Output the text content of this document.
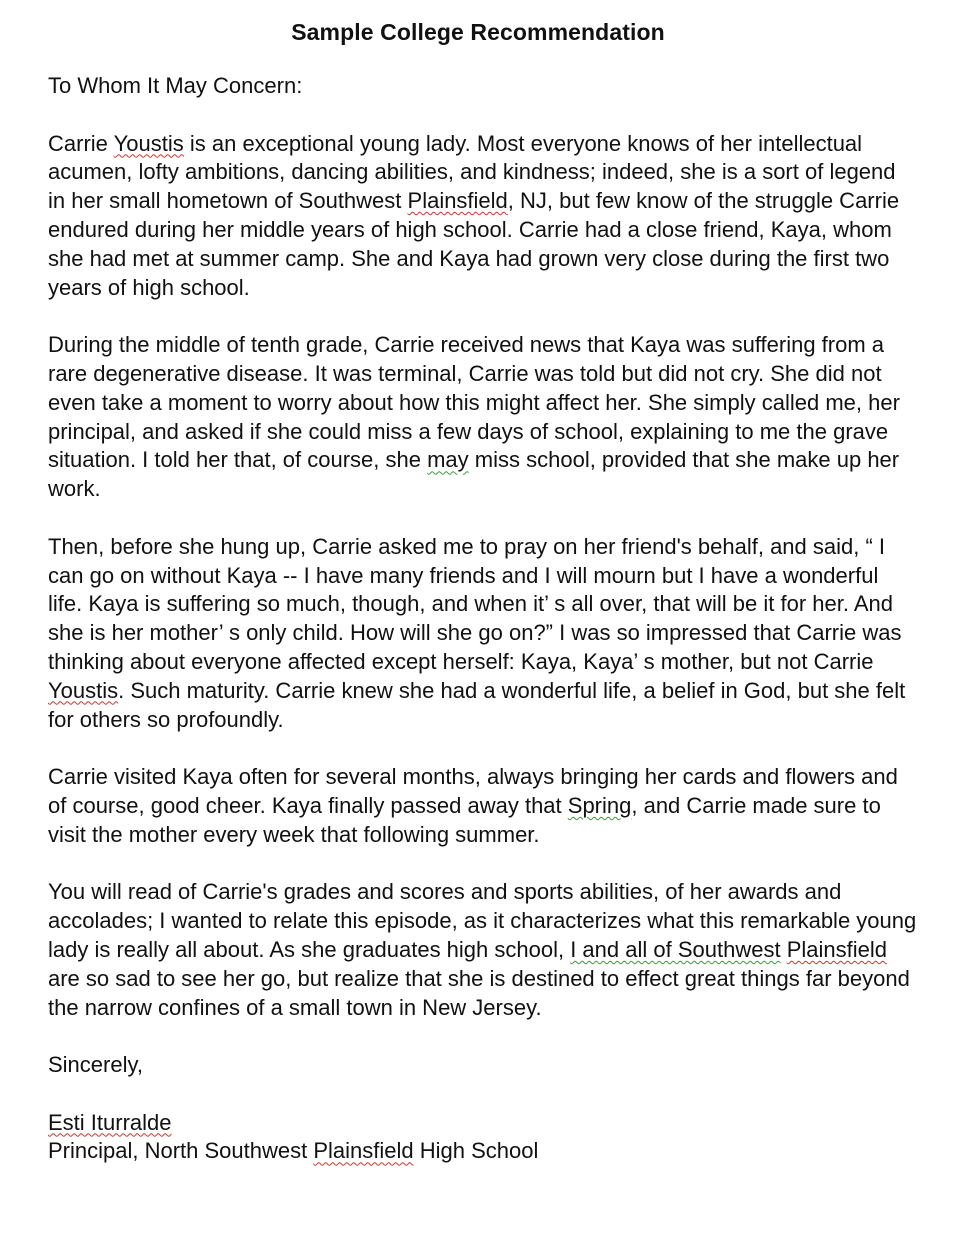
Sample College Recommendation

To Whom It May Concern:

Carrie Youstis is an exceptional young lady. Most everyone knows of her intellectual acumen, lofty ambitions, dancing abilities, and kindness; indeed, she is a sort of legend in her small hometown of Southwest Plainsfield, NJ, but few know of the struggle Carrie endured during her middle years of high school. Carrie had a close friend, Kaya, whom she had met at summer camp. She and Kaya had grown very close during the first two years of high school.

During the middle of tenth grade, Carrie received news that Kaya was suffering from a rare degenerative disease. It was terminal, Carrie was told but did not cry. She did not even take a moment to worry about how this might affect her. She simply called me, her principal, and asked if she could miss a few days of school, explaining to me the grave situation. I told her that, of course, she may miss school, provided that she make up her work.

Then, before she hung up, Carrie asked me to pray on her friend's behalf, and said, “ I can go on without Kaya -- I have many friends and I will mourn but I have a wonderful life. Kaya is suffering so much, though, and when it’ s all over, that will be it for her. And she is her mother’ s only child. How will she go on?” I was so impressed that Carrie was thinking about everyone affected except herself: Kaya, Kaya’ s mother, but not Carrie Youstis. Such maturity. Carrie knew she had a wonderful life, a belief in God, but she felt for others so profoundly.

Carrie visited Kaya often for several months, always bringing her cards and flowers and of course, good cheer. Kaya finally passed away that Spring, and Carrie made sure to visit the mother every week that following summer.

You will read of Carrie's grades and scores and sports abilities, of her awards and accolades; I wanted to relate this episode, as it characterizes what this remarkable young lady is really all about. As she graduates high school, I and all of Southwest Plainsfield are so sad to see her go, but realize that she is destined to effect great things far beyond the narrow confines of a small town in New Jersey.

Sincerely,

Esti Iturralde
Principal, North Southwest Plainsfield High School
